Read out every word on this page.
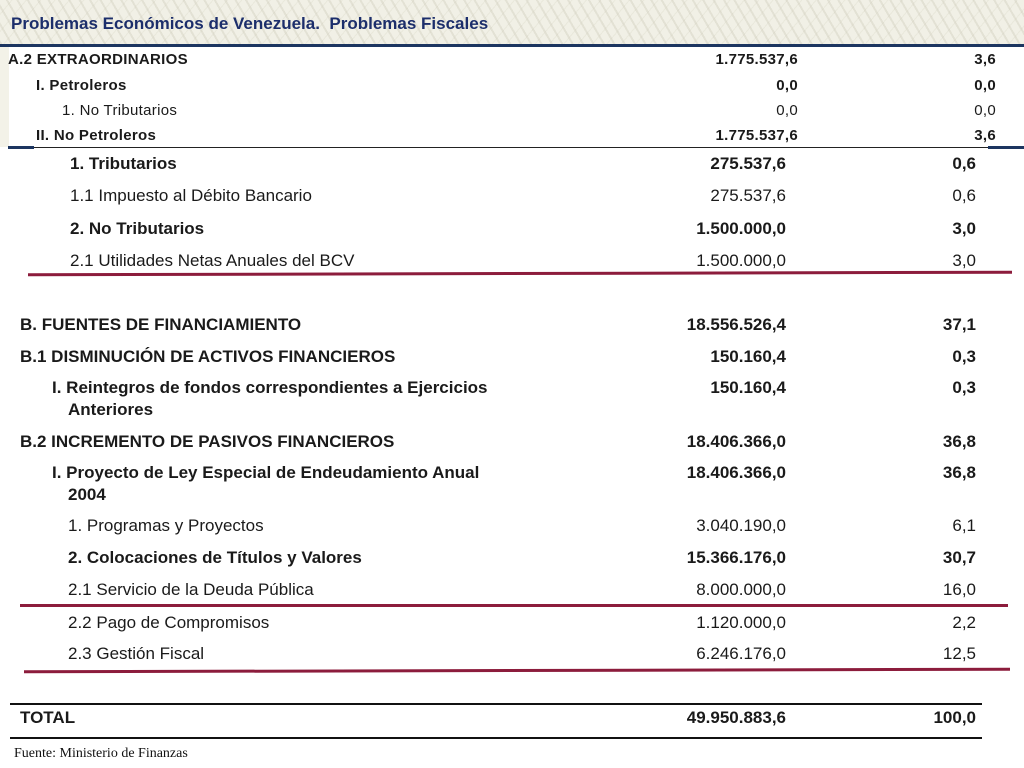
Problemas Económicos de Venezuela.  Problemas Fiscales
A.2 EXTRAORDINARIOS	1.775.537,6	3,6
I. Petroleros	0,0	0,0
1. No Tributarios	0,0	0,0
II. No Petroleros	1.775.537,6	3,6
1. Tributarios	275.537,6	0,6
1.1 Impuesto al Débito Bancario	275.537,6	0,6
2. No Tributarios	1.500.000,0	3,0
2.1 Utilidades Netas Anuales del BCV	1.500.000,0	3,0
B. FUENTES DE FINANCIAMIENTO	18.556.526,4	37,1
B.1 DISMINUCIÓN DE ACTIVOS FINANCIEROS	150.160,4	0,3
I. Reintegros de fondos correspondientes a Ejercicios
Anteriores
150.160,4	0,3
B.2 INCREMENTO DE PASIVOS FINANCIEROS	18.406.366,0	36,8
I. Proyecto de Ley Especial de Endeudamiento Anual
2004
18.406.366,0	36,8
1. Programas y Proyectos	3.040.190,0	6,1
2. Colocaciones de Títulos y Valores	15.366.176,0	30,7
2.1 Servicio de la Deuda Pública	8.000.000,0	16,0
2.2 Pago de Compromisos	1.120.000,0	2,2
2.3 Gestión Fiscal	6.246.176,0	12,5
TOTAL	49.950.883,6	100,0
Fuente: Ministerio de Finanzas
